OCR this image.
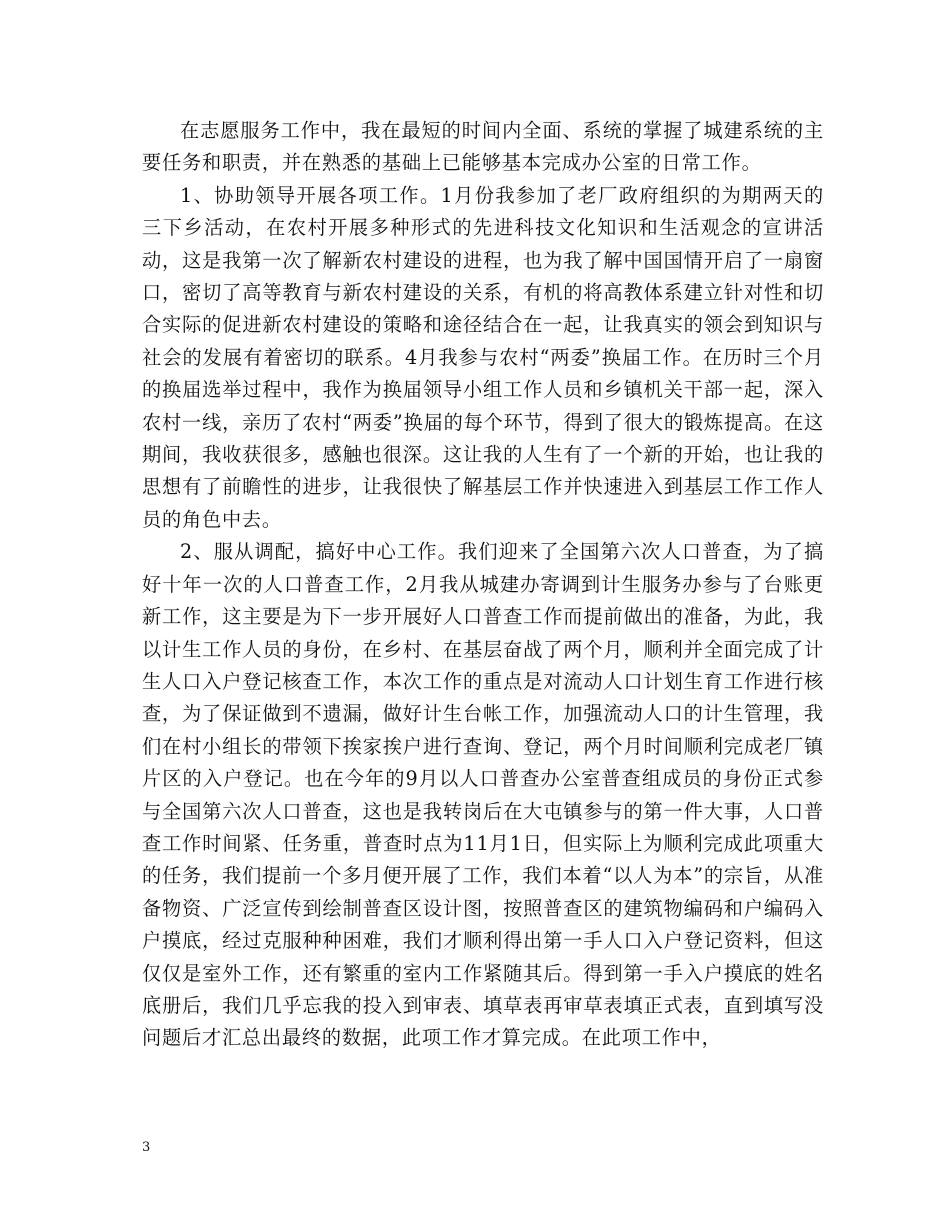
在志愿服务工作中，我在最短的时间内全面、系统的掌握了城建系统的主要任务和职责，并在熟悉的基础上已能够基本完成办公室的日常工作。

1、协助领导开展各项工作。1月份我参加了老厂政府组织的为期两天的三下乡活动，在农村开展多种形式的先进科技文化知识和生活观念的宣讲活动，这是我第一次了解新农村建设的进程，也为我了解中国国情开启了一扇窗口，密切了高等教育与新农村建设的关系，有机的将高教体系建立针对性和切合实际的促进新农村建设的策略和途径结合在一起，让我真实的领会到知识与社会的发展有着密切的联系。4月我参与农村“两委”换届工作。在历时三个月的换届选举过程中，我作为换届领导小组工作人员和乡镇机关干部一起，深入农村一线，亲历了农村“两委”换届的每个环节，得到了很大的锻炼提高。在这期间，我收获很多，感触也很深。这让我的人生有了一个新的开始，也让我的思想有了前瞻性的进步，让我很快了解基层工作并快速进入到基层工作工作人员的角色中去。

2、服从调配，搞好中心工作。我们迎来了全国第六次人口普查，为了搞好十年一次的人口普查工作，2月我从城建办寄调到计生服务办参与了台账更新工作，这主要是为下一步开展好人口普查工作而提前做出的准备，为此，我以计生工作人员的身份，在乡村、在基层奋战了两个月，顺利并全面完成了计生人口入户登记核查工作，本次工作的重点是对流动人口计划生育工作进行核查，为了保证做到不遗漏，做好计生台帐工作，加强流动人口的计生管理，我们在村小组长的带领下挨家挨户进行查询、登记，两个月时间顺利完成老厂镇片区的入户登记。也在今年的9月以人口普查办公室普查组成员的身份正式参与全国第六次人口普查，这也是我转岗后在大屯镇参与的第一件大事，人口普查工作时间紧、任务重，普查时点为11月1日，但实际上为顺利完成此项重大的任务，我们提前一个多月便开展了工作，我们本着“以人为本”的宗旨，从准备物资、广泛宣传到绘制普查区设计图，按照普查区的建筑物编码和户编码入户摸底，经过克服种种困难，我们才顺利得出第一手人口入户登记资料，但这仅仅是室外工作，还有繁重的室内工作紧随其后。得到第一手入户摸底的姓名底册后，我们几乎忘我的投入到审表、填草表再审草表填正式表，直到填写没问题后才汇总出最终的数据，此项工作才算完成。在此项工作中，

3
